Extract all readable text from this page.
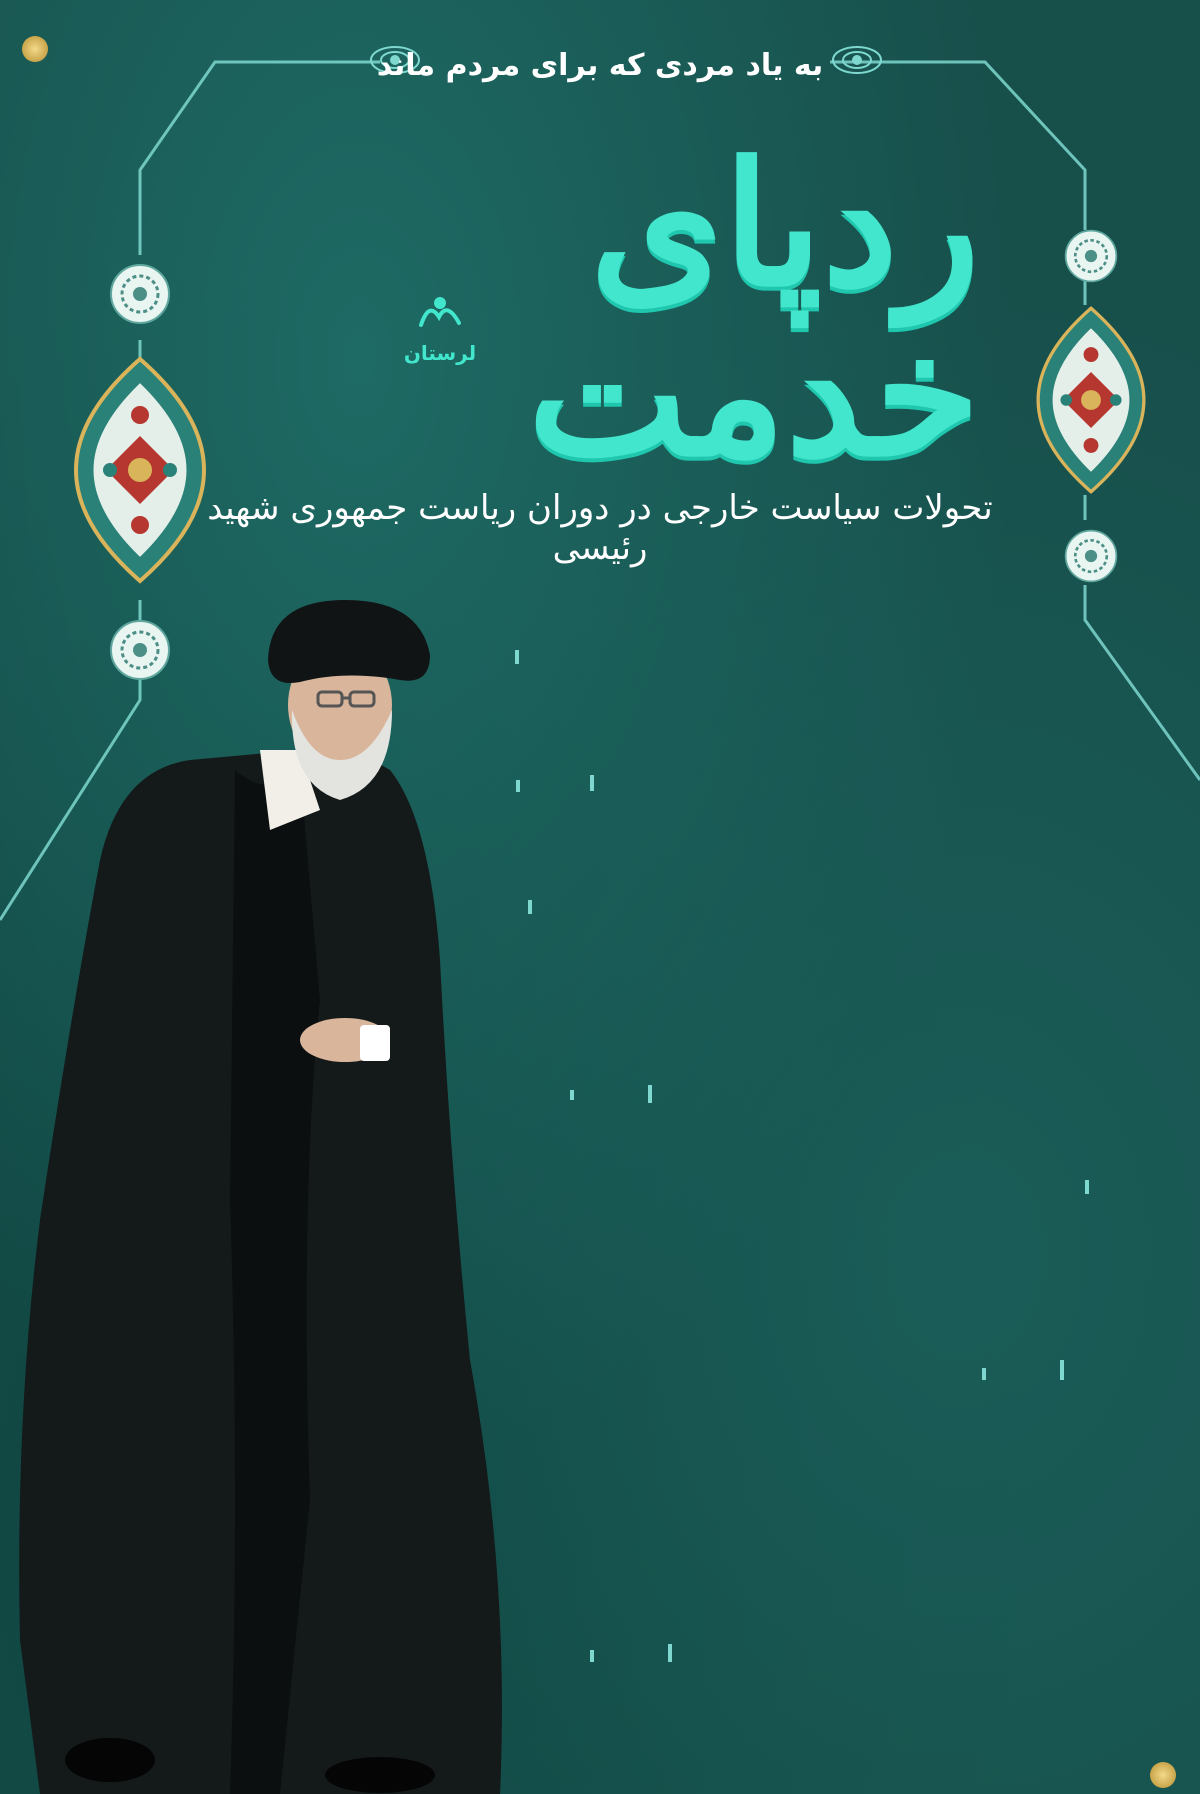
به یاد مردی که برای مردم ماند
ردپای خدمت
لرستان
تحولات سیاست خارجی در دوران ریاست جمهوری شهید رئیسی
